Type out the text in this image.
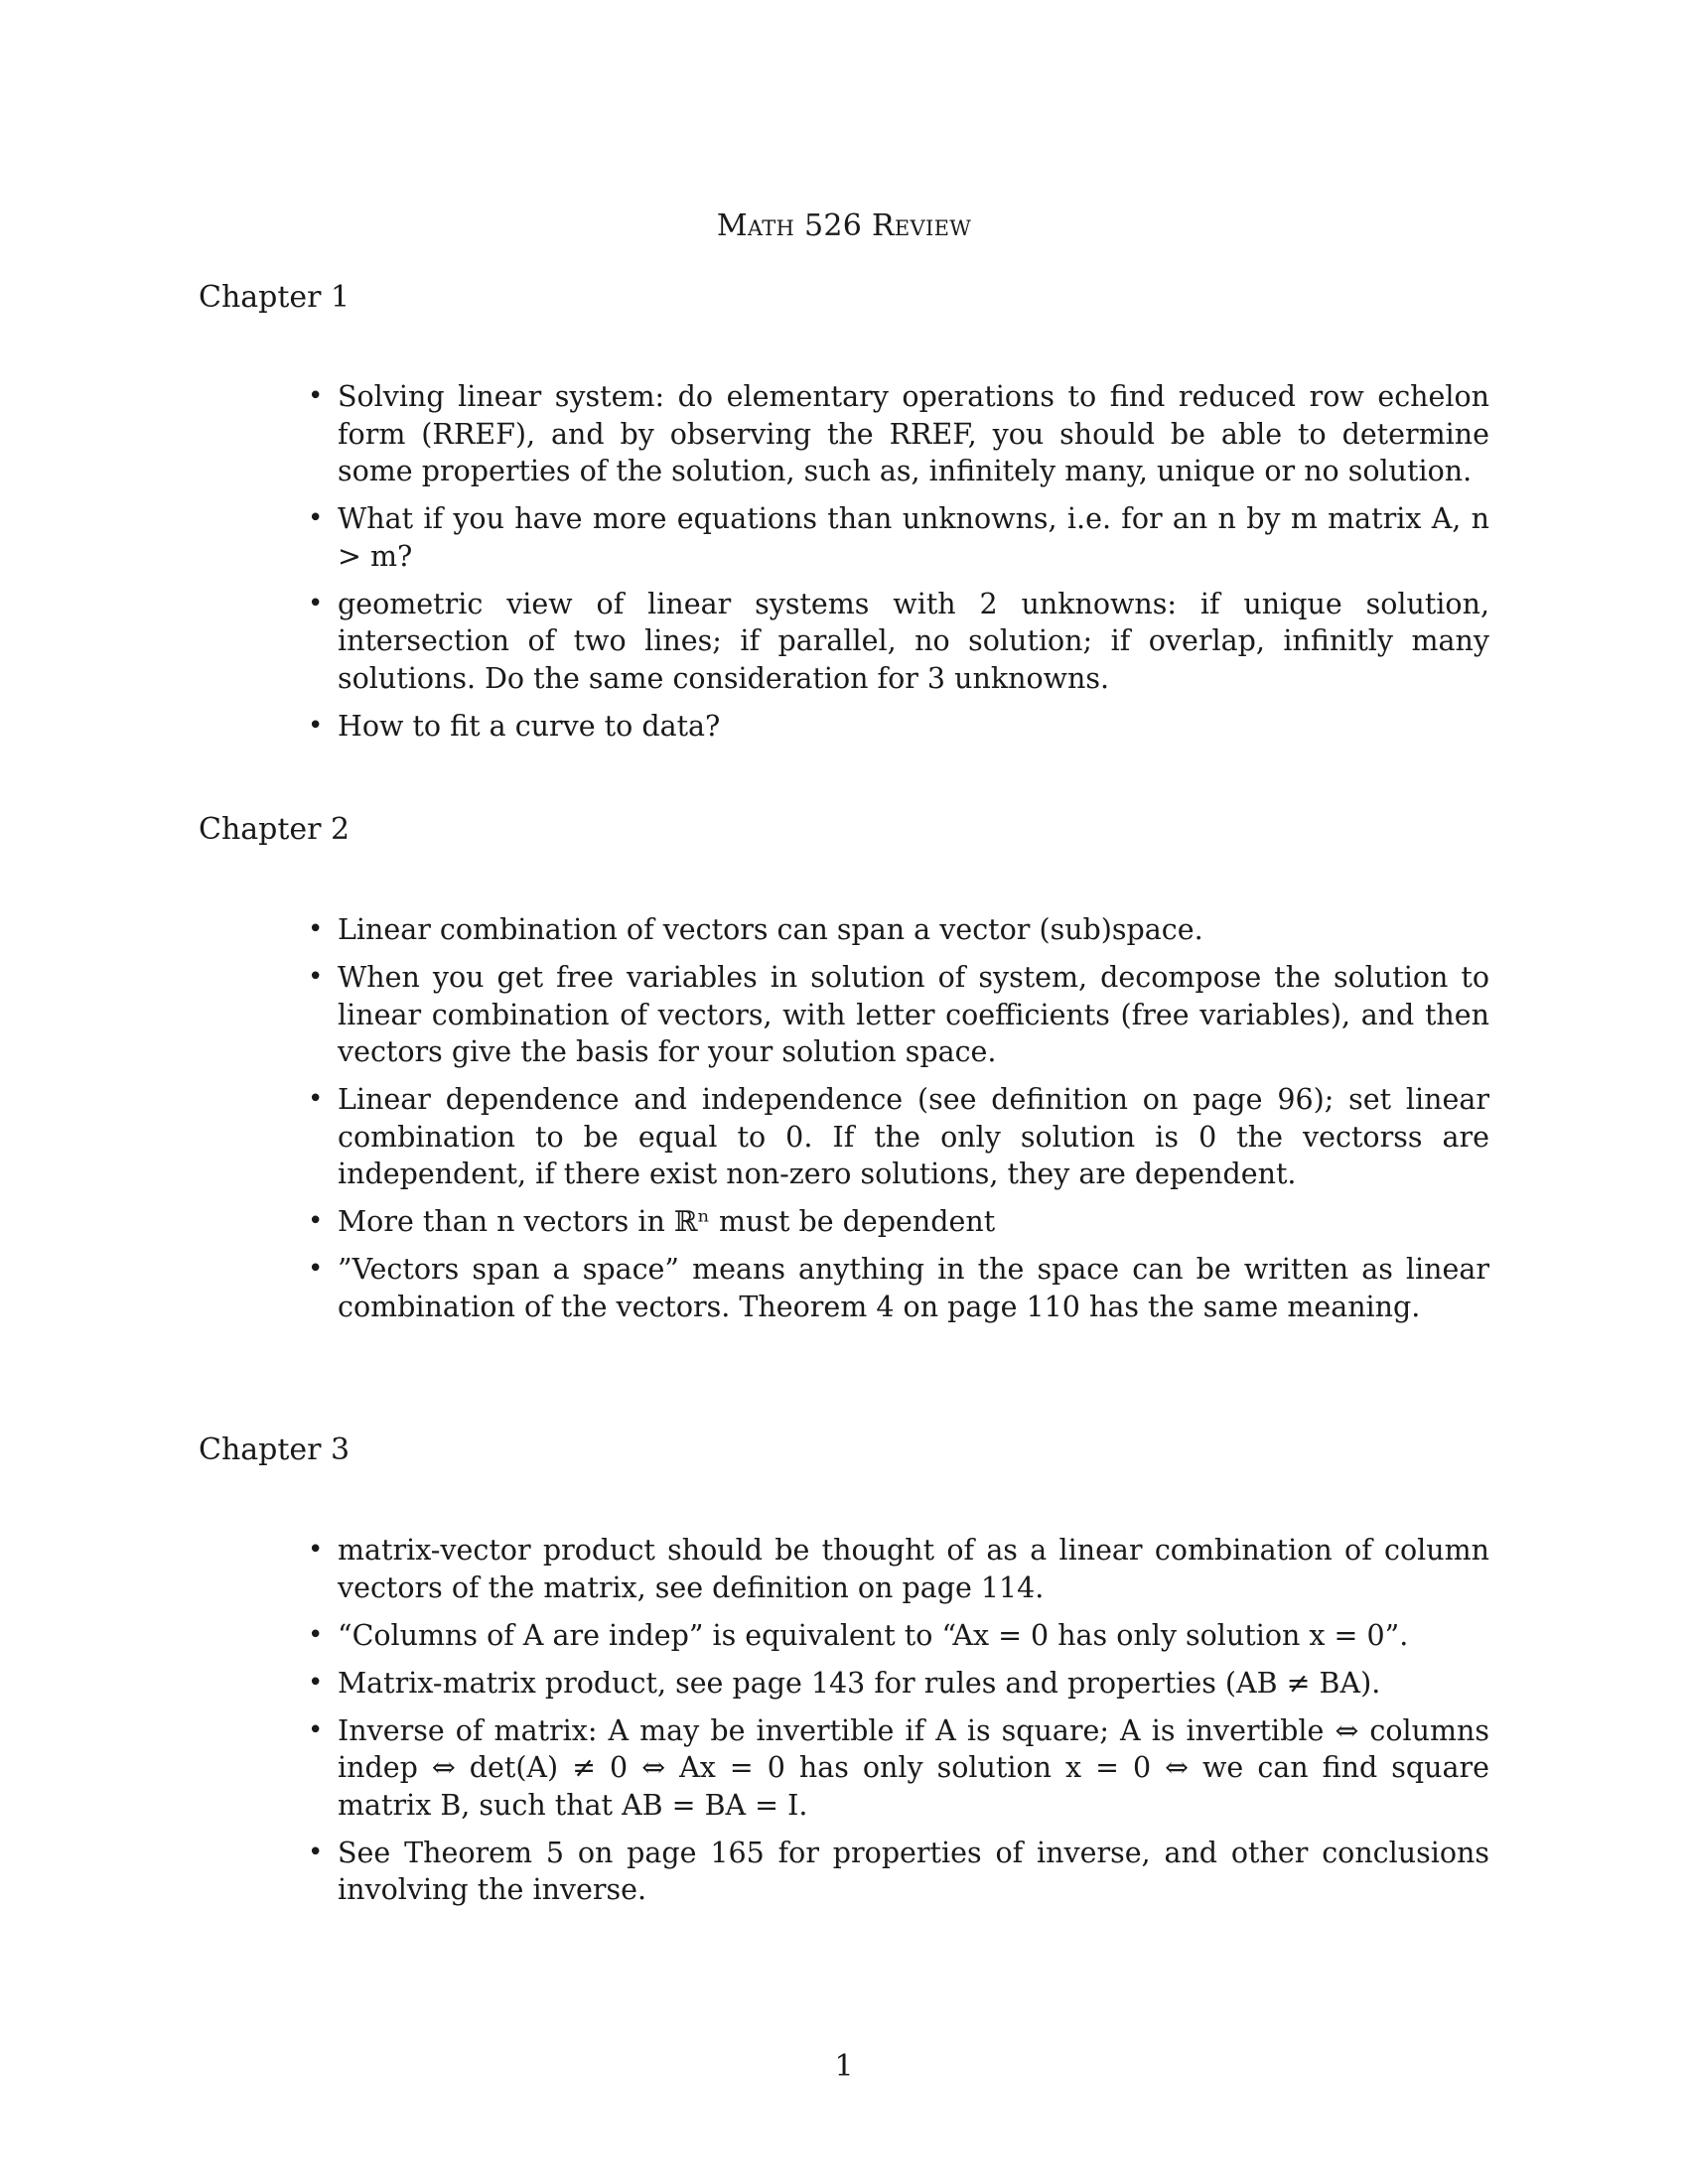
Math 526 Review
Chapter 1
• Solving linear system: do elementary operations to find reduced row echelon form (RREF), and by observing the RREF, you should be able to determine some properties of the solution, such as, infinitely many, unique or no solution.
• What if you have more equations than unknowns, i.e. for an n by m matrix A, n > m?
• geometric view of linear systems with 2 unknowns: if unique solution, intersection of two lines; if parallel, no solution; if overlap, infinitly many solutions. Do the same consideration for 3 unknowns.
• How to fit a curve to data?
Chapter 2
• Linear combination of vectors can span a vector (sub)space.
• When you get free variables in solution of system, decompose the solution to linear combination of vectors, with letter coefficients (free variables), and then vectors give the basis for your solution space.
• Linear dependence and independence (see definition on page 96); set linear combination to be equal to 0. If the only solution is 0 the vectorss are independent, if there exist non-zero solutions, they are dependent.
• More than n vectors in ℝⁿ must be dependent
• ”Vectors span a space” means anything in the space can be written as linear combination of the vectors. Theorem 4 on page 110 has the same meaning.
Chapter 3
• matrix-vector product should be thought of as a linear combination of column vectors of the matrix, see definition on page 114.
• “Columns of A are indep” is equivalent to “Ax = 0 has only solution x = 0”.
• Matrix-matrix product, see page 143 for rules and properties (AB ≠ BA).
• Inverse of matrix: A may be invertible if A is square; A is invertible ⇔ columns indep ⇔ det(A) ≠ 0 ⇔ Ax = 0 has only solution x = 0 ⇔ we can find square matrix B, such that AB = BA = I.
• See Theorem 5 on page 165 for properties of inverse, and other conclusions involving the inverse.
1
